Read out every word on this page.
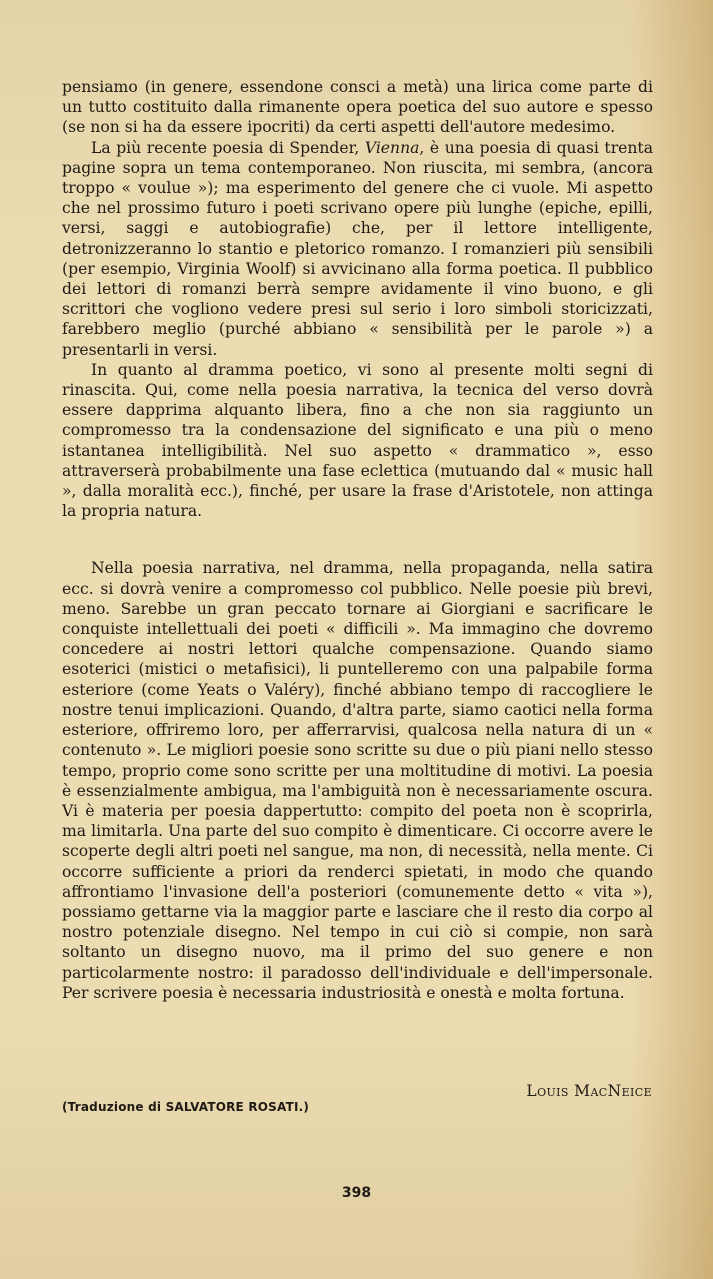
pensiamo (in genere, essendone consci a metà) una lirica come parte di un tutto costituito dalla rimanente opera poetica del suo autore e spesso (se non si ha da essere ipocriti) da certi aspetti dell'autore medesimo.

La più recente poesia di Spender, Vienna, è una poesia di quasi trenta pagine sopra un tema contemporaneo. Non riuscita, mi sembra, (ancora troppo « voulue »); ma esperimento del genere che ci vuole. Mi aspetto che nel prossimo futuro i poeti scrivano opere più lunghe (epiche, epilli, versi, saggi e autobiografie) che, per il lettore intelligente, detronizzeranno lo stantio e pletorico romanzo. I romanzieri più sensibili (per esempio, Virginia Woolf) si avvicinano alla forma poetica. Il pubblico dei lettori di romanzi berrà sempre avidamente il vino buono, e gli scrittori che vogliono vedere presi sul serio i loro simboli storicizzati, farebbero meglio (purché abbiano « sensibilità per le parole ») a presentarli in versi.

In quanto al dramma poetico, vi sono al presente molti segni di rinascita. Qui, come nella poesia narrativa, la tecnica del verso dovrà essere dapprima alquanto libera, fino a che non sia raggiunto un compromesso tra la condensazione del significato e una più o meno istantanea intelligibilità. Nel suo aspetto « drammatico », esso attraverserà probabilmente una fase eclettica (mutuando dal « music hall », dalla moralità ecc.), finché, per usare la frase d'Aristotele, non attinga la propria natura.

Nella poesia narrativa, nel dramma, nella propaganda, nella satira ecc. si dovrà venire a compromesso col pubblico. Nelle poesie più brevi, meno. Sarebbe un gran peccato tornare ai Giorgiani e sacrificare le conquiste intellettuali dei poeti « difficili ». Ma immagino che dovremo concedere ai nostri lettori qualche compensazione. Quando siamo esoterici (mistici o metafisici), li puntelleremo con una palpabile forma esteriore (come Yeats o Valéry), finché abbiano tempo di raccogliere le nostre tenui implicazioni. Quando, d'altra parte, siamo caotici nella forma esteriore, offriremo loro, per afferrarvisi, qualcosa nella natura di un « contenuto ». Le migliori poesie sono scritte su due o più piani nello stesso tempo, proprio come sono scritte per una moltitudine di motivi. La poesia è essenzialmente ambigua, ma l'ambiguità non è necessariamente oscura. Vi è materia per poesia dappertutto: compito del poeta non è scoprirla, ma limitarla. Una parte del suo compito è dimenticare. Ci occorre avere le scoperte degli altri poeti nel sangue, ma non, di necessità, nella mente. Ci occorre sufficiente a priori da renderci spietati, in modo che quando affrontiamo l'invasione dell'a posteriori (comunemente detto « vita »), possiamo gettarne via la maggior parte e lasciare che il resto dia corpo al nostro potenziale disegno. Nel tempo in cui ciò si compie, non sarà soltanto un disegno nuovo, ma il primo del suo genere e non particolarmente nostro: il paradosso dell'individuale e dell'impersonale. Per scrivere poesia è necessaria industriosità e onestà e molta fortuna.

Louis MacNeice
(Traduzione di SALVATORE ROSATI.)
398
